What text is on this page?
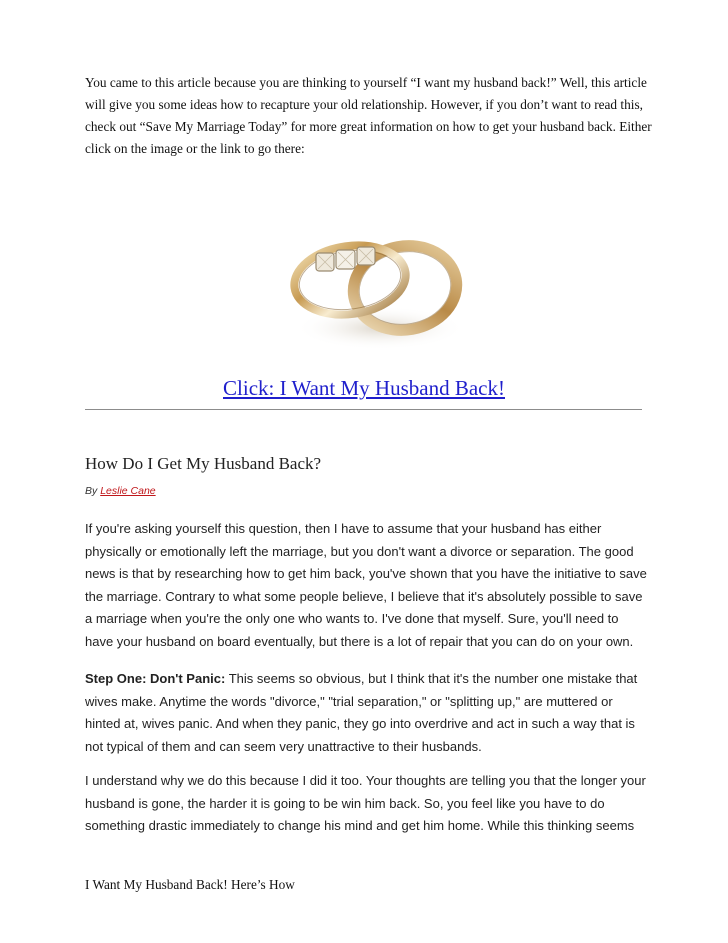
You came to this article because you are thinking to yourself “I want my husband back!” Well, this article will give you some ideas how to recapture your old relationship. However, if you don’t want to read this, check out “Save My Marriage Today” for more great information on how to get your husband back. Either click on the image or the link to go there:

Click: I Want My Husband Back!
How Do I Get My Husband Back?
By Leslie Cane

If you're asking yourself this question, then I have to assume that your husband has either physically or emotionally left the marriage, but you don't want a divorce or separation. The good news is that by researching how to get him back, you've shown that you have the initiative to save the marriage. Contrary to what some people believe, I believe that it's absolutely possible to save a marriage when you're the only one who wants to. I've done that myself. Sure, you'll need to have your husband on board eventually, but there is a lot of repair that you can do on your own.

Step One: Don't Panic: This seems so obvious, but I think that it's the number one mistake that wives make. Anytime the words "divorce," "trial separation," or "splitting up," are muttered or hinted at, wives panic. And when they panic, they go into overdrive and act in such a way that is not typical of them and can seem very unattractive to their husbands.

I understand why we do this because I did it too. Your thoughts are telling you that the longer your husband is gone, the harder it is going to be win him back. So, you feel like you have to do something drastic immediately to change his mind and get him home. While this thinking seems

I Want My Husband Back! Here’s How
